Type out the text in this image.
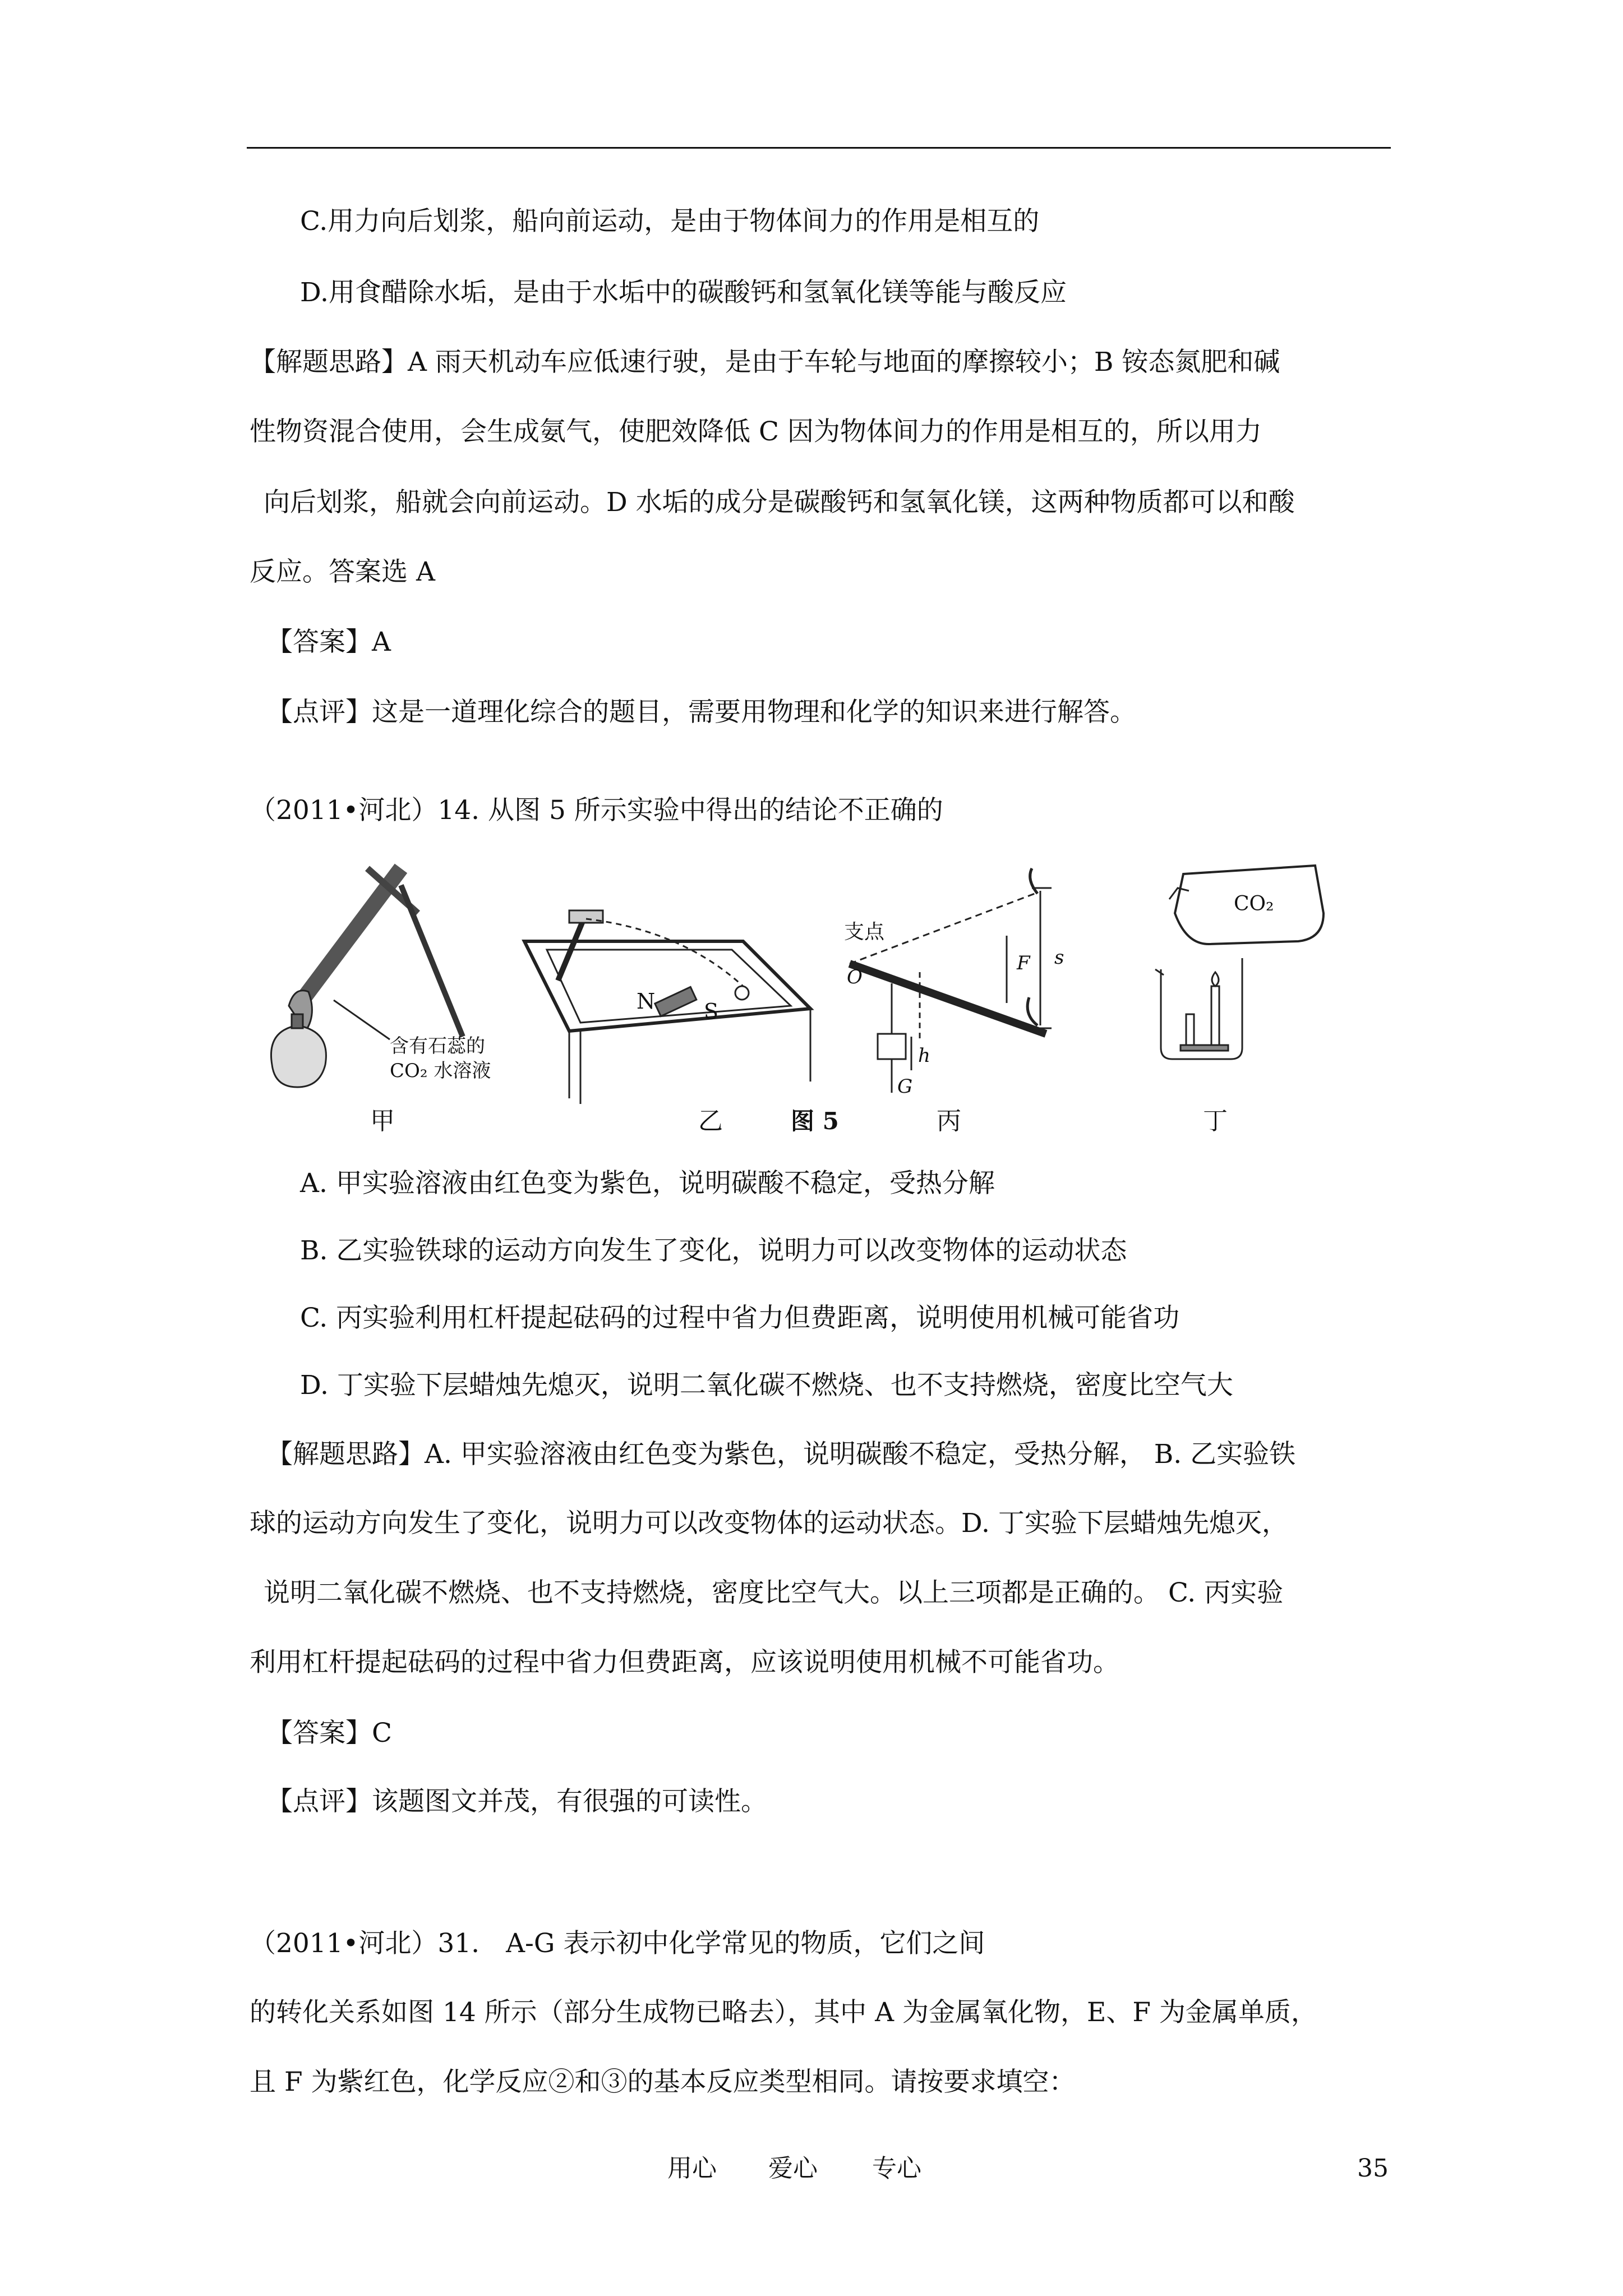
C.用力向后划浆，船向前运动，是由于物体间力的作用是相互的
D.用食醋除水垢，是由于水垢中的碳酸钙和氢氧化镁等能与酸反应
【解题思路】A 雨天机动车应低速行驶，是由于车轮与地面的摩擦较小；B 铵态氮肥和碱
性物资混合使用，会生成氨气，使肥效降低 C 因为物体间力的作用是相互的，所以用力
向后划浆，船就会向前运动。D 水垢的成分是碳酸钙和氢氧化镁，这两种物质都可以和酸
反应。答案选 A
【答案】A
【点评】这是一道理化综合的题目，需要用物理和化学的知识来进行解答。
（2011•河北）14. 从图 5 所示实验中得出的结论不正确的
含有石蕊的
CO₂ 水溶液
甲
N S
乙
支点
O
F s
h
G
丙
CO₂
丁
图 5
A. 甲实验溶液由红色变为紫色，说明碳酸不稳定，受热分解
B. 乙实验铁球的运动方向发生了变化，说明力可以改变物体的运动状态
C. 丙实验利用杠杆提起砝码的过程中省力但费距离，说明使用机械可能省功
D. 丁实验下层蜡烛先熄灭，说明二氧化碳不燃烧、也不支持燃烧，密度比空气大
【解题思路】A. 甲实验溶液由红色变为紫色，说明碳酸不稳定，受热分解， B. 乙实验铁
球的运动方向发生了变化，说明力可以改变物体的运动状态。D. 丁实验下层蜡烛先熄灭，
说明二氧化碳不燃烧、也不支持燃烧，密度比空气大。以上三项都是正确的。 C. 丙实验
利用杠杆提起砝码的过程中省力但费距离，应该说明使用机械不可能省功。
【答案】C
【点评】该题图文并茂，有很强的可读性。
（2011•河北）31.　A-G 表示初中化学常见的物质，它们之间
的转化关系如图 14 所示（部分生成物已略去），其中 A 为金属氧化物，E、F 为金属单质，
且 F 为紫红色，化学反应②和③的基本反应类型相同。请按要求填空：
用心 爱心 专心	35
